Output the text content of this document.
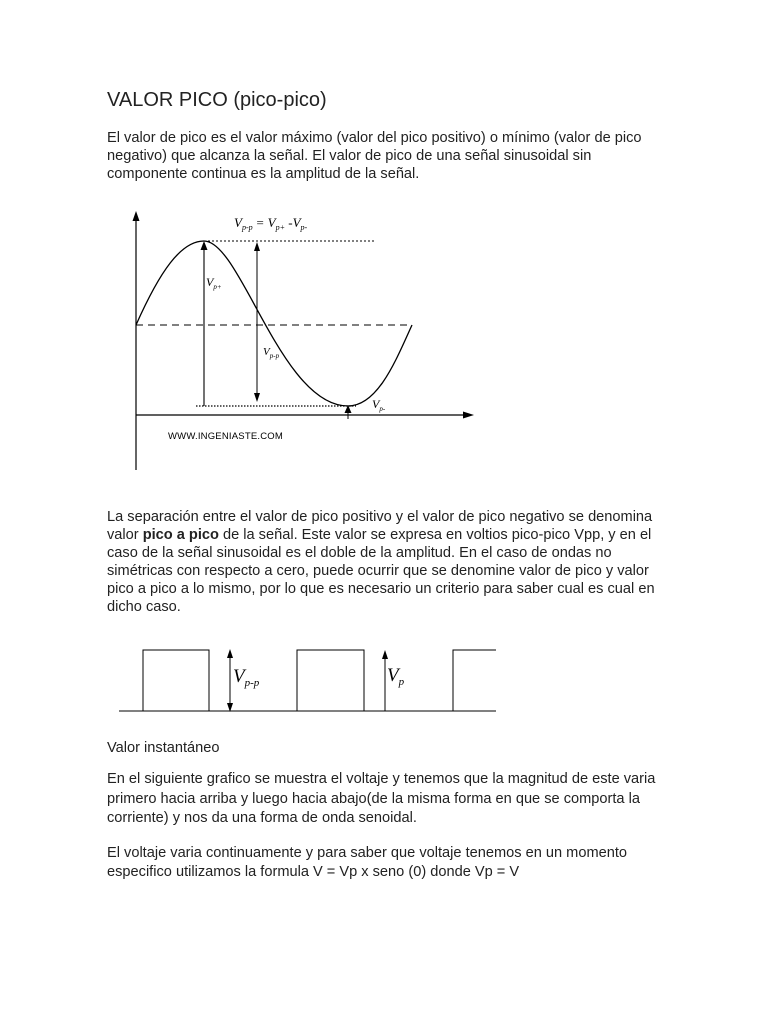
VALOR PICO (pico-pico)

El valor de pico es el valor máximo (valor del pico positivo) o mínimo (valor de pico negativo) que alcanza la señal. El valor de pico de una señal sinusoidal sin componente continua es la amplitud de la señal.

$V_{p-p} = V_{p+}$ $-V_{p-}$
$V_{p+}$
$V_{p-p}$
$V_{p-}$
WWW.INGENIASTE.COM

La separación entre el valor de pico positivo y el valor de pico negativo se denomina valor pico a pico de la señal. Este valor se expresa en voltios pico-pico Vpp, y en el caso de la señal sinusoidal es el doble de la amplitud. En el caso de ondas no simétricas con respecto a cero, puede ocurrir que se denomine valor de pico y valor pico a pico a lo mismo, por lo que es necesario un criterio para saber cual es cual en dicho caso.

$V_{p-p}$	$V_p$

Valor instantáneo

En el siguiente grafico se muestra el voltaje y tenemos que la magnitud de este varia primero hacia arriba y luego hacia abajo(de la misma forma en que se comporta la corriente) y nos da una forma de onda senoidal.

El voltaje varia continuamente y para saber que voltaje tenemos en un momento especifico utilizamos la formula V = Vp x seno (0) donde Vp = V
